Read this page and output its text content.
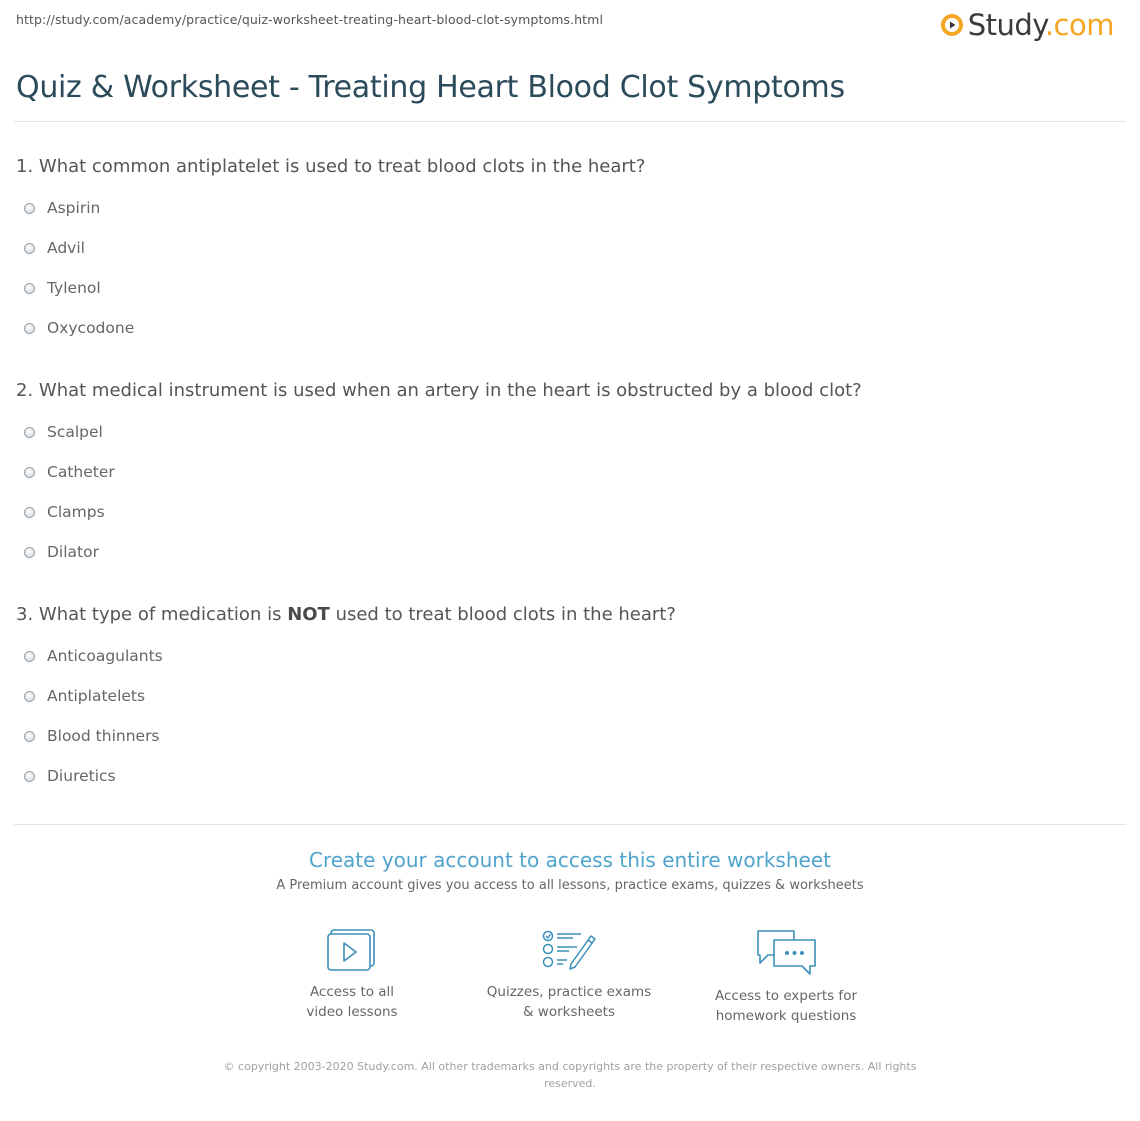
http://study.com/academy/practice/quiz-worksheet-treating-heart-blood-clot-symptoms.html	Study.com
Quiz & Worksheet - Treating Heart Blood Clot Symptoms
1. What common antiplatelet is used to treat blood clots in the heart?
Aspirin
Advil
Tylenol
Oxycodone
2. What medical instrument is used when an artery in the heart is obstructed by a blood clot?
Scalpel
Catheter
Clamps
Dilator
3. What type of medication is NOT used to treat blood clots in the heart?
Anticoagulants
Antiplatelets
Blood thinners
Diuretics
Create your account to access this entire worksheet
A Premium account gives you access to all lessons, practice exams, quizzes & worksheets
Access to all
video lessons
Quizzes, practice exams
& worksheets
Access to experts for
homework questions
© copyright 2003-2020 Study.com. All other trademarks and copyrights are the property of their respective owners. All rights
reserved.
